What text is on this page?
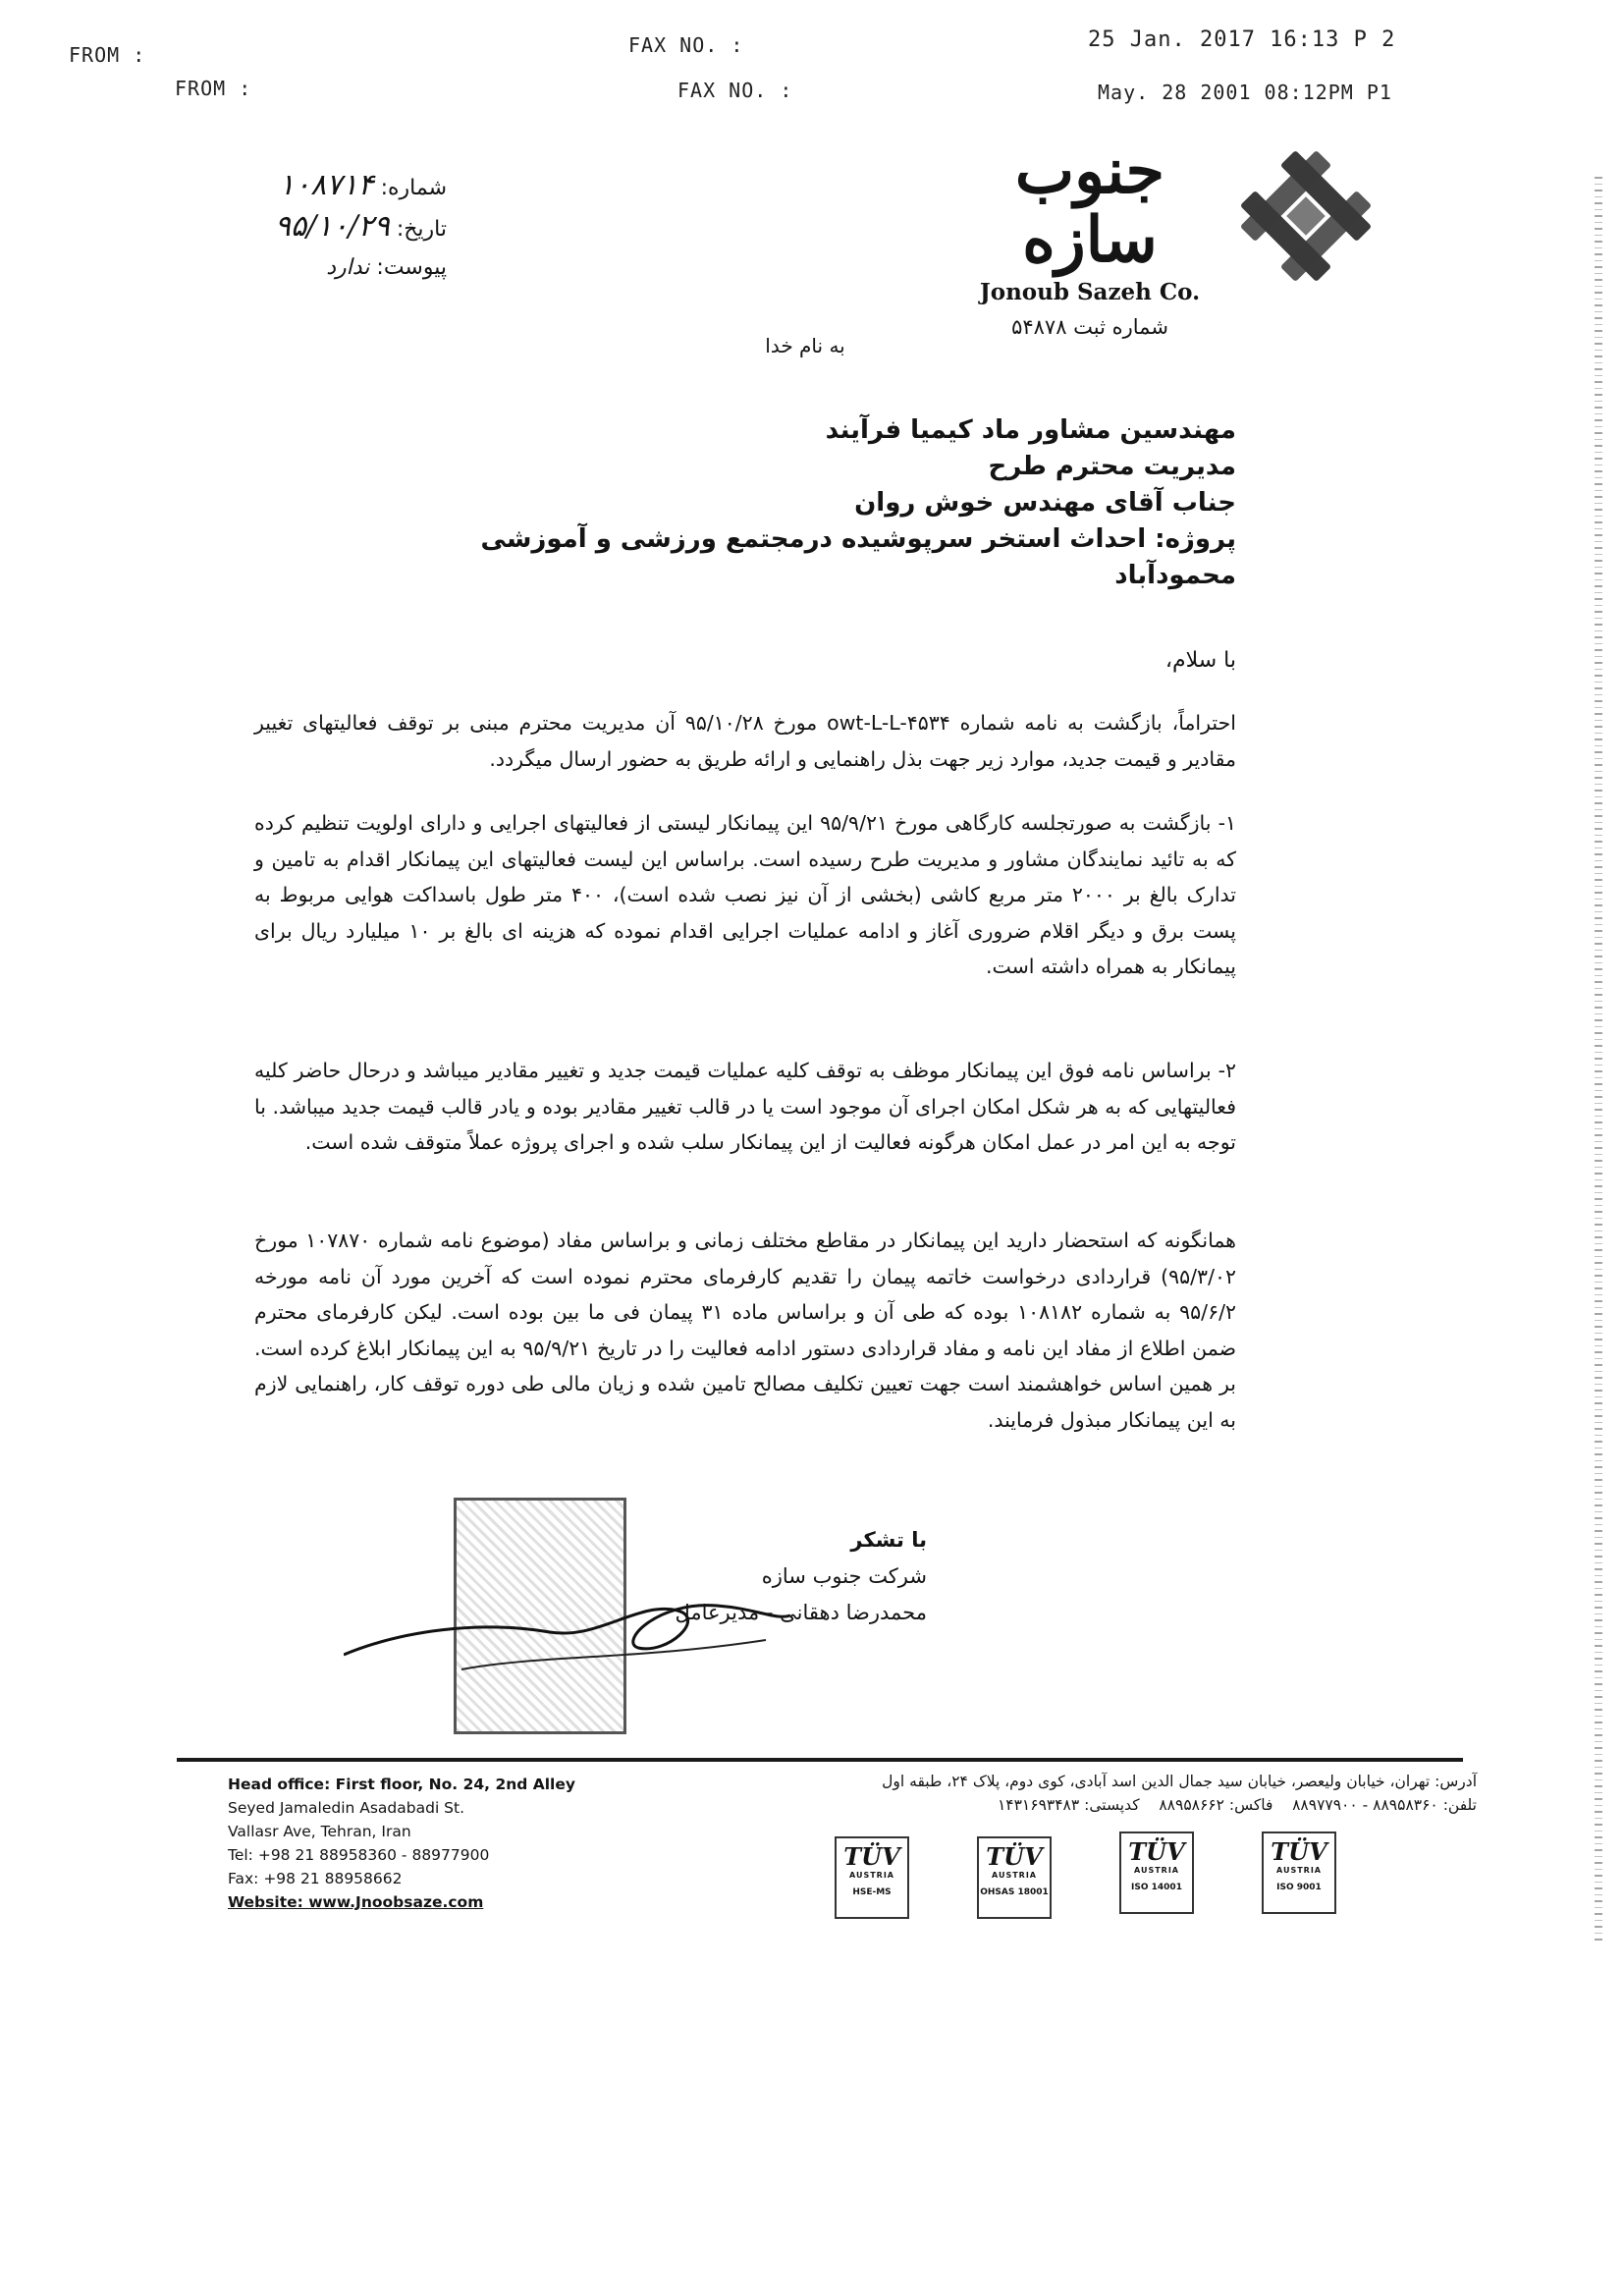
FROM :	FAX NO. :	25 Jan. 2017 16:13 P 2
FROM :	FAX NO. :	May. 28 2001 08:12PM P1
شماره: ١٠٨٧١۴
تاریخ: ٩۵/١٠/٢٩
پیوست: ندارد
جنوب سازه
Jonoub Sazeh Co.
شماره ثبت ۵۴۸۷۸
به نام خدا
مهندسین مشاور ماد کیمیا فرآیند
مدیریت محترم طرح
جناب آقای مهندس خوش روان
پروژه: احداث استخر سرپوشیده درمجتمع ورزشی و آموزشی محمودآباد
با سلام،
احتراماً، بازگشت به نامه شماره owt-L-L-۴۵۳۴ مورخ ۹۵/۱۰/۲۸ آن مدیریت محترم مبنی بر توقف فعالیتهای تغییر مقادیر و قیمت جدید، موارد زیر جهت بذل راهنمایی و ارائه طریق به حضور ارسال میگردد.
۱- بازگشت به صورتجلسه کارگاهی مورخ ۹۵/۹/۲۱ این پیمانکار لیستی از فعالیتهای اجرایی و دارای اولویت تنظیم کرده که به تائید نمایندگان مشاور و مدیریت طرح رسیده است. براساس این لیست فعالیتهای این پیمانکار اقدام به تامین و تدارک بالغ بر ۲۰۰۰ متر مربع کاشی (بخشی از آن نیز نصب شده است)، ۴۰۰ متر طول باسداکت هوایی مربوط به پست برق و دیگر اقلام ضروری آغاز و ادامه عملیات اجرایی اقدام نموده که هزینه ای بالغ بر ۱۰ میلیارد ریال برای پیمانکار به همراه داشته است.
۲- براساس نامه فوق این پیمانکار موظف به توقف کلیه عملیات قیمت جدید و تغییر مقادیر میباشد و درحال حاضر کلیه فعالیتهایی که به هر شکل امکان اجرای آن موجود است یا در قالب تغییر مقادیر بوده و یادر قالب قیمت جدید میباشد. با توجه به این امر در عمل امکان هرگونه فعالیت از این پیمانکار سلب شده و اجرای پروژه عملاً متوقف شده است.
همانگونه که استحضار دارید این پیمانکار در مقاطع مختلف زمانی و براساس مفاد (موضوع نامه شماره ۱۰۷۸۷۰ مورخ ۹۵/۳/۰۲) قراردادی درخواست خاتمه پیمان را تقدیم کارفرمای محترم نموده است که آخرین مورد آن نامه مورخه ۹۵/۶/۲ به شماره ۱۰۸۱۸۲ بوده که طی آن و براساس ماده ۳۱ پیمان فی ما بین بوده است. لیکن کارفرمای محترم ضمن اطلاع از مفاد این نامه و مفاد قراردادی دستور ادامه فعالیت را در تاریخ ۹۵/۹/۲۱ به این پیمانکار ابلاغ کرده است. بر همین اساس خواهشمند است جهت تعیین تکلیف مصالح تامین شده و زیان مالی طی دوره توقف کار، راهنمایی لازم به این پیمانکار مبذول فرمایند.
با تشکر
شرکت جنوب سازه
محمدرضا دهقانی - مدیرعامل
Head office: First floor, No. 24, 2nd Alley
Seyed Jamaledin Asadabadi St.
Vallasr Ave, Tehran, Iran
Tel: +98 21 88958360 - 88977900
Fax: +98 21 88958662
Website: www.Jnoobsaze.com
آدرس: تهران، خیابان ولیعصر، خیابان سید جمال الدین اسد آبادی، کوی دوم، پلاک ۲۴، طبقه اول
تلفن: ۸۸۹۵۸۳۶۰ - ۸۸۹۷۷۹۰۰    فاکس: ۸۸۹۵۸۶۶۲    کدپستی: ۱۴۳۱۶۹۳۴۸۳
TÜV
AUSTRIA
HSE-MS
TÜV
AUSTRIA
OHSAS 18001
TÜV
AUSTRIA
ISO 14001
TÜV
AUSTRIA
ISO 9001
